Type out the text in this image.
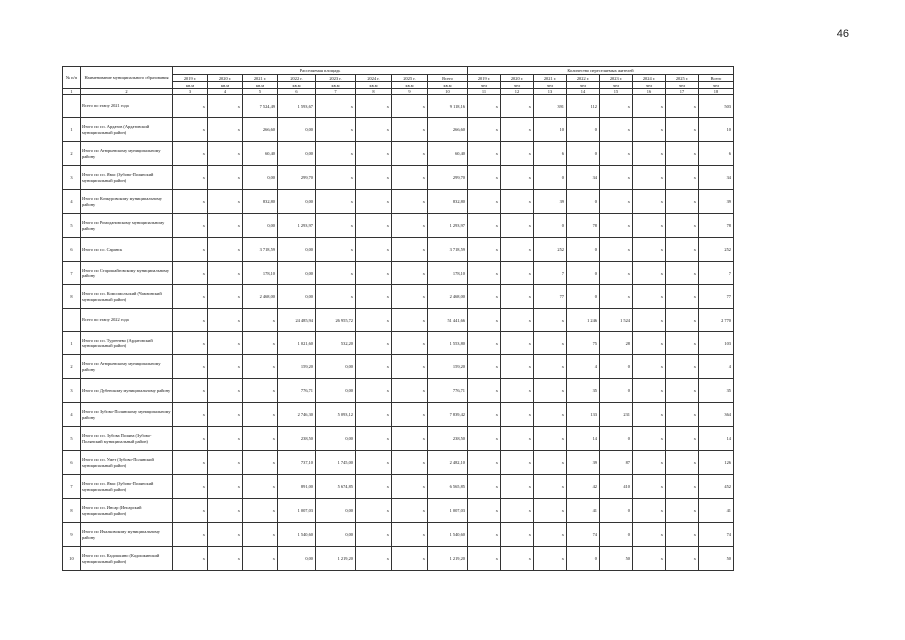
46
№ п/п	Наименование муниципального образования	Расселяемая площадь								Количество переселяемых жителей							
		2019 г.	2020 г.	2021 г.	2022 г.	2023 г.	2024 г.	2025 г.	Всего	2019 г.	2020 г.	2021 г.	2022 г.	2023 г.	2024 г.	2025 г.	Всего
		кв.м	кв.м	кв.м	кв.м	кв.м	кв.м	кв.м	кв.м	чел	чел	чел	чел	чел	чел	чел	чел
1	2	3	4	5	6	7	8	9	10	11	12	13	14	15	16	17	18
	Всего по этапу 2021 года	x	x	7 524,49	1 593,67	x	x	x	9 118,16	x	x	391	112	x	x	x	503
1	Итого по г.п. Ардатов (Ардатовский муниципальный район)	x	x	266,60	0,00	x	x	x	266,60	x	x	10	0	x	x	x	10
2	Итого по Атюрьевскому муниципальному району	x	x	60,40	0,00	x	x	x	60,40	x	x	6	0	x	x	x	6
3	Итого по г.п. Явас (Зубово-Полянский муниципальный район)	x	x	0,00	299,70	x	x	x	299,70	x	x	0	34	x	x	x	34
4	Итого по Кочкуровскому муниципальному району	x	x	832,80	0,00	x	x	x	832,80	x	x	39	0	x	x	x	39
5	Итого по Ромодановскому муниципальному району	x	x	0,00	1 293,97	x	x	x	1 293,97	x	x	0	78	x	x	x	78
6	Итого по г.о. Саранск	x	x	3 718,59	0,00	x	x	x	3 718,59	x	x	252	0	x	x	x	252
7	Итого по Старошайговскому муниципальному району	x	x	178,10	0,00	x	x	x	178,10	x	x	7	0	x	x	x	7
8	Итого по г.п. Комсомольский (Чамзинский муниципальный район)	x	x	2 468,00	0,00	x	x	x	2 468,00	x	x	77	0	x	x	x	77
	Всего по этапу 2022 года	x	x	x	24 485,94	26 955,72	x	x	51 441,66	x	x	x	1 246	1 524	x	x	2 770
1	Итого по г.п. Тургенево (Ардатовский муниципальный район)	x	x	x	1 021,60	532,20	x	x	1 553,80	x	x	x	75	28	x	x	103
2	Итого по Атюрьевскому муниципальному району	x	x	x	159,20	0,00	x	x	159,20	x	x	x	4	0	x	x	4
3	Итого по Дубенскому муниципальному району	x	x	x	776,71	0,00	x	x	776,71	x	x	x	35	0	x	x	35
4	Итого по Зубово-Полянскому муниципальному району	x	x	x	2 746,30	5 093,12	x	x	7 839,42	x	x	x	133	231	x	x	364
5	Итого по г.п. Зубова Поляна (Зубово-Полянский муниципальный район)	x	x	x	238,50	0,00	x	x	238,50	x	x	x	14	0	x	x	14
6	Итого по г.п. Умет (Зубово-Полянский муниципальный район)	x	x	x	737,10	1 745,00	x	x	2 482,10	x	x	x	39	87	x	x	126
7	Итого по г.п. Явас (Зубово-Полянский муниципальный район)	x	x	x	891,00	5 674,85	x	x	6 565,85	x	x	x	42	410	x	x	452
8	Итого по г.п. Инсар (Инсарский муниципальный район)	x	x	x	1 007,03	0,00	x	x	1 007,03	x	x	x	41	0	x	x	41
9	Итого по Ичалковскому муниципальному району	x	x	x	1 540,60	0,00	x	x	1 540,60	x	x	x	74	0	x	x	74
10	Итого по г.п. Кадошкино (Кадошкинский муниципальный район)	x	x	x	0,00	1 219,20	x	x	1 219,20	x	x	x	0	50	x	x	50
